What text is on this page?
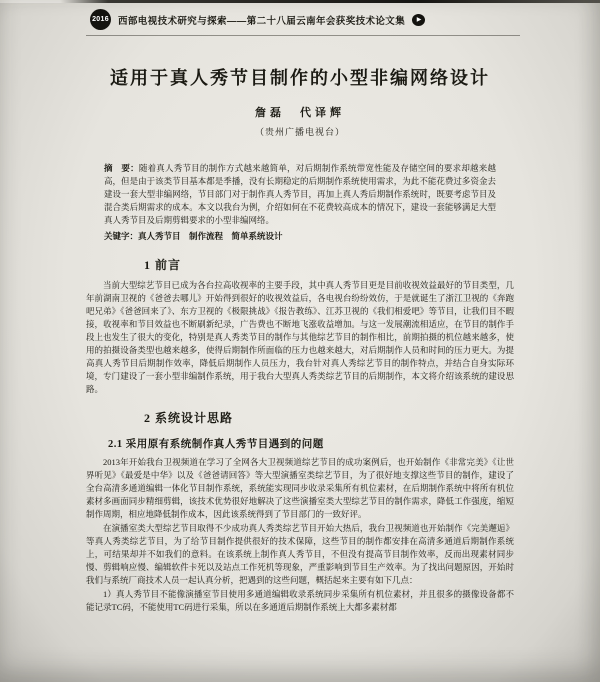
2016 西部电视技术研究与探索——第二十八届云南年会获奖技术论文集	▶
适用于真人秀节目制作的小型非编网络设计
詹磊　代译辉
（贵州广播电视台）

摘　要：随着真人秀节目的制作方式越来越简单，对后期制作系统带宽性能及存储空间的要求却越来越高，但是由于该类节目基本都是季播，没有长期稳定的后期制作系统使用需求，为此不能花费过多资金去建设一套大型非编网络，节目部门对于制作真人秀节目，再加上真人秀后期制作系统时，既要考虑节目及混合类后期需求的成本。本文以我台为例，介绍如何在不花费较高成本的情况下，建设一套能够满足大型真人秀节目及后期剪辑要求的小型非编网络。

关键字：真人秀节目　制作流程　简单系统设计

1 前言

当前大型综艺节目已成为各台拉高收视率的主要手段，其中真人秀节目更是目前收视效益最好的节目类型，几年前湖南卫视的《爸爸去哪儿》开始得到很好的收视效益后，各电视台纷纷效仿，于是就诞生了浙江卫视的《奔跑吧兄弟》《爸爸回来了》、东方卫视的《极限挑战》《报告教练》、江苏卫视的《我们相爱吧》等节目，让我们目不暇接，收视率和节目效益也不断刷新纪录，广告费也不断地飞涨收益增加。与这一发展潮流相适应，在节目的制作手段上也发生了很大的变化，特别是真人秀类节目的制作与其他综艺节目的制作相比，前期拍摄的机位越来越多，使用的拍摄设备类型也越来越多，使得后期制作所面临的压力也越来越大，对后期制作人员和时间的压力更大。为提高真人秀节目后期制作效率，降低后期制作人员压力，我台针对真人秀综艺节目的制作特点，并结合自身实际环境，专门建设了一套小型非编制作系统，用于我台大型真人秀类综艺节目的后期制作，本文将介绍该系统的建设思路。

2 系统设计思路
2.1 采用原有系统制作真人秀节目遇到的问题

2013年开始我台卫视频道在学习了全网各大卫视频道综艺节目的成功案例后，也开始制作《非常完美》《让世界听见》《最爱是中华》以及《爸爸请回答》等大型演播室类综艺节目，为了很好地支撑这些节目的制作，建设了全台高清多通道编辑一体化节目制作系统，系统能实现同步收录采集所有机位素材，在后期制作系统中将所有机位素材多画面同步精细剪辑，该技术优势很好地解决了这些演播室类大型综艺节目的制作需求，降低工作强度，缩短制作周期，相应地降低制作成本，因此该系统得到了节目部门的一致好评。

在演播室类大型综艺节目取得不少成功真人秀类综艺节目开始大热后，我台卫视频道也开始制作《完美邂逅》等真人秀类综艺节目，为了给节目制作提供很好的技术保障，这些节目的制作都安排在高清多通道后期制作系统上，可结果却并不如我们的意料。在该系统上制作真人秀节目，不但没有提高节目制作效率，反而出现素材同步慢、剪辑响应慢、编辑软件卡死以及站点工作死机等现象，严重影响到节目生产效率。为了找出问题原因，开始时我们与系统厂商技术人员一起认真分析，把遇到的这些问题，概括起来主要有如下几点：

1）真人秀节目不能像演播室节目使用多通道编辑收录系统同步采集所有机位素材，并且很多的摄像设备都不能记录TC码，不能使用TC码进行采集，所以在多通道后期制作系统上大都多素材都
